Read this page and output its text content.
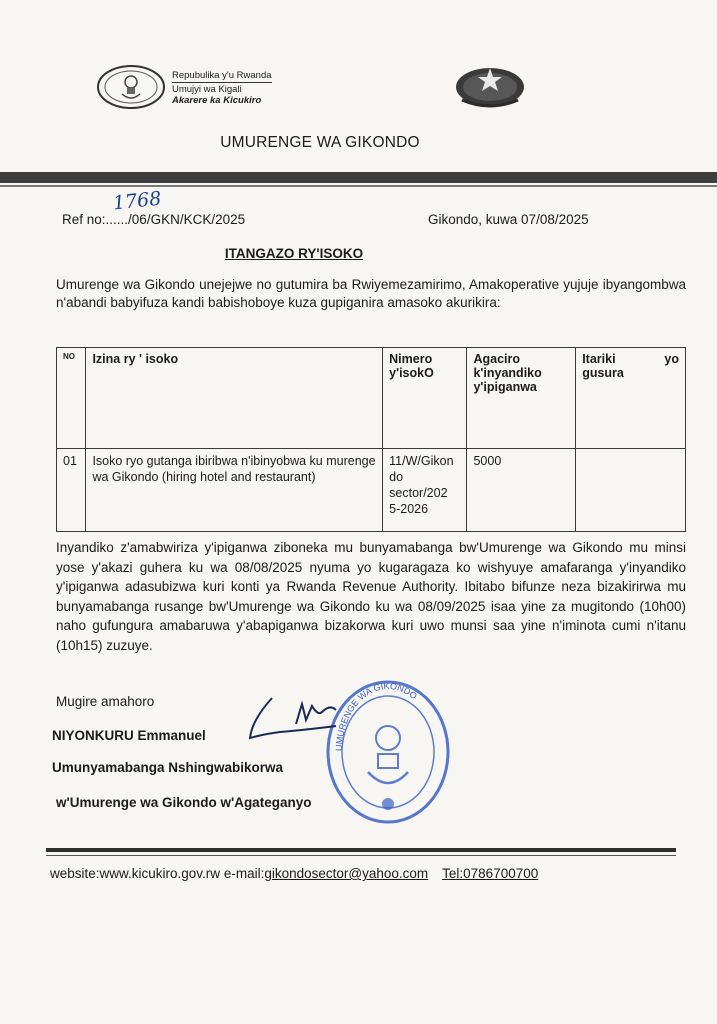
Repubulika y'u Rwanda
Umujyi wa Kigali
Akarere ka Kicukiro
UMURENGE WA GIKONDO
Ref no:....../06/GKN/KCK/2025
1768
Gikondo, kuwa 07/08/2025
ITANGAZO RY'ISOKO
Umurenge wa Gikondo unejejwe no gutumira ba Rwiyemezamirimo, Amakoperative yujuje ibyangombwa n'abandi babyifuza kandi babishoboye kuza gupiganira amasoko akurikira:
NO	Izina ry ' isoko	Nimero y'isokO	Agaciro k'inyandiko y'ipiganwa	Itariki yo
gusura

01	Isoko ryo gutanga ibiribwa n'ibinyobwa ku murenge wa Gikondo (hiring hotel and restaurant)	11/W/Gikon
do
sector/202
5-2026	5000	
Inyandiko z'amabwiriza y'ipiganwa ziboneka mu bunyamabanga bw'Umurenge wa Gikondo mu minsi yose y'akazi guhera ku wa 08/08/2025 nyuma yo kugaragaza ko wishyuye amafaranga y'inyandiko y'ipiganwa adasubizwa kuri konti ya Rwanda Revenue Authority. Ibitabo bifunze neza bizakirirwa mu bunyamabanga rusange bw'Umurenge wa Gikondo ku wa 08/09/2025 isaa yine za mugitondo (10h00) naho gufungura amabaruwa y'abapiganwa bizakorwa kuri uwo munsi saa yine n'iminota cumi n'itanu (10h15) zuzuye.
Mugire amahoro
NIYONKURU Emmanuel
Umunyamabanga Nshingwabikorwa
w'Umurenge wa Gikondo w'Agateganyo
UMURENGE WA GIKONDO
website:www.kicukiro.gov.rw e-mail:gikondosector@yahoo.com Tel:0786700700
